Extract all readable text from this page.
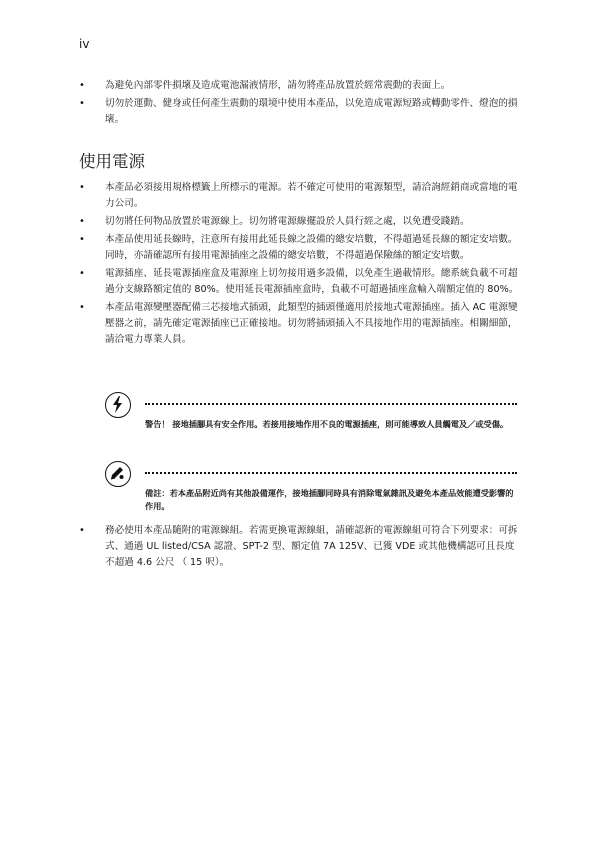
iv
• 為避免內部零件損壞及造成電池漏液情形，請勿將產品放置於經常震動的表面上。
• 切勿於運動、健身或任何產生震動的環境中使用本產品，以免造成電源短路或轉動零件、燈泡的損壞。
使用電源
• 本產品必須接用規格標籤上所標示的電源。若不確定可使用的電源類型，請洽詢經銷商或當地的電力公司。
• 切勿將任何物品放置於電源線上。切勿將電源線擺設於人員行經之處，以免遭受踐踏。
• 本產品使用延長線時，注意所有接用此延長線之設備的總安培數，不得超過延長線的額定安培數。同時，亦請確認所有接用電源插座之設備的總安培數，不得超過保險絲的額定安培數。
• 電源插座、延長電源插座盒及電源座上切勿接用過多設備，以免產生過載情形。總系統負載不可超過分支線路額定值的 80%。使用延長電源插座盒時，負載不可超過插座盒輸入端額定值的 80%。
• 本產品電源變壓器配備三芯接地式插頭，此類型的插頭僅適用於接地式電源插座。插入 AC 電源變壓器之前，請先確定電源插座已正確接地。切勿將插頭插入不具接地作用的電源插座。相關細節，請洽電力專業人員。
警告！ 接地插腳具有安全作用。若接用接地作用不良的電源插座，則可能導致人員觸電及／或受傷。
備註：若本產品附近尚有其他設備運作，接地插腳同時具有消除電氣雜訊及避免本產品效能遭受影響的作用。
• 務必使用本產品隨附的電源線組。若需更換電源線組，請確認新的電源線組可符合下列要求：可拆式、通過 UL listed/CSA 認證、SPT-2 型、額定值 7A 125V、已獲 VDE 或其他機構認可且長度不超過 4.6 公尺 （ 15 呎）。
